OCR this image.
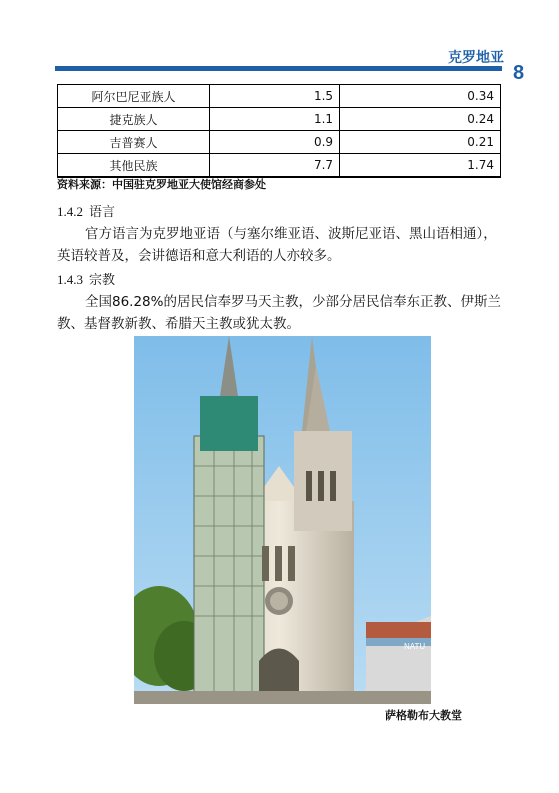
克罗地亚
8
阿尔巴尼亚族人	1.5	0.34
捷克族人	1.1	0.24
吉普赛人	0.9	0.21
其他民族	7.7	1.74
资料来源：中国驻克罗地亚大使馆经商参处
1.4.2 语言
官方语言为克罗地亚语（与塞尔维亚语、波斯尼亚语、黑山语相通），英语较普及，会讲德语和意大利语的人亦较多。
1.4.3 宗教
全国86.28%的居民信奉罗马天主教，少部分居民信奉东正教、伊斯兰教、基督教新教、希腊天主教或犹太教。
NATU
萨格勒布大教堂
